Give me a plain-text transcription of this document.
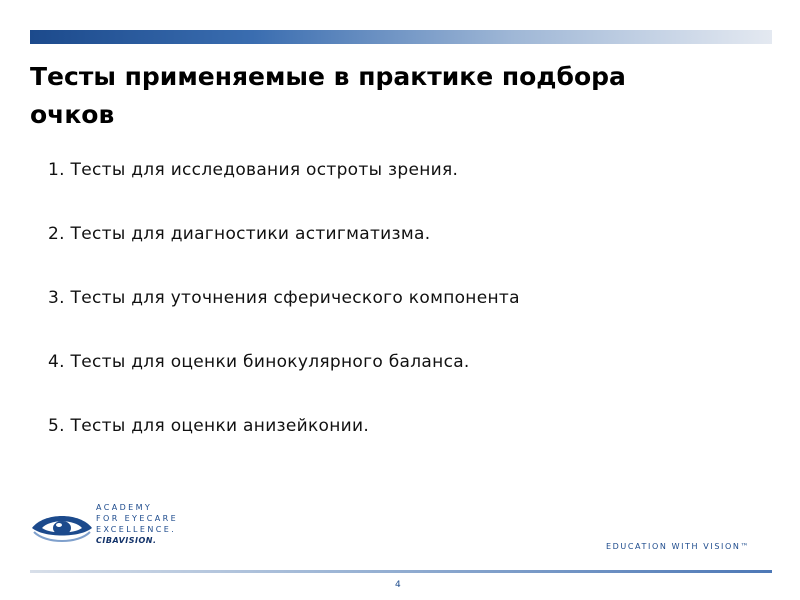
Тесты применяемые в практике подбора очков
1. Тесты для исследования остроты зрения.
2. Тесты для диагностики астигматизма.
3. Тесты для уточнения сферического компонента
4. Тесты для оценки бинокулярного баланса.
5. Тесты для оценки анизейконии.
ACADEMY
FOR EYECARE
EXCELLENCE.
CIBAVISION.
EDUCATION WITH VISION™
4
